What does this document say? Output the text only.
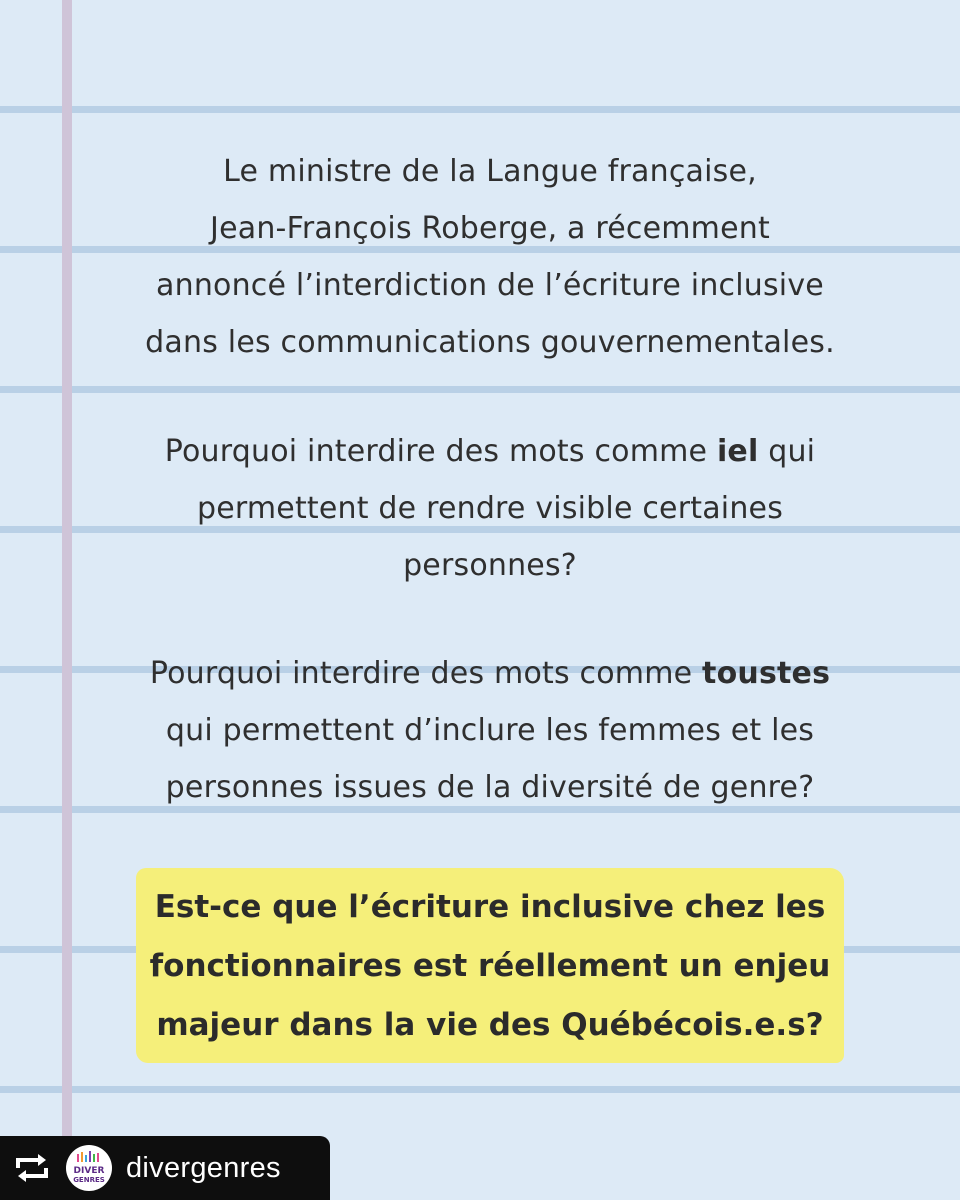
Le ministre de la Langue française,
Jean-François Roberge, a récemment
annoncé l’interdiction de l’écriture inclusive
dans les communications gouvernementales.
Pourquoi interdire des mots comme iel qui
permettent de rendre visible certaines
personnes?
Pourquoi interdire des mots comme toustes
qui permettent d’inclure les femmes et les
personnes issues de la diversité de genre?
Est-ce que l’écriture inclusive chez les
fonctionnaires est réellement un enjeu
majeur dans la vie des Québécois.e.s?
DIVER
GENRES divergenres
